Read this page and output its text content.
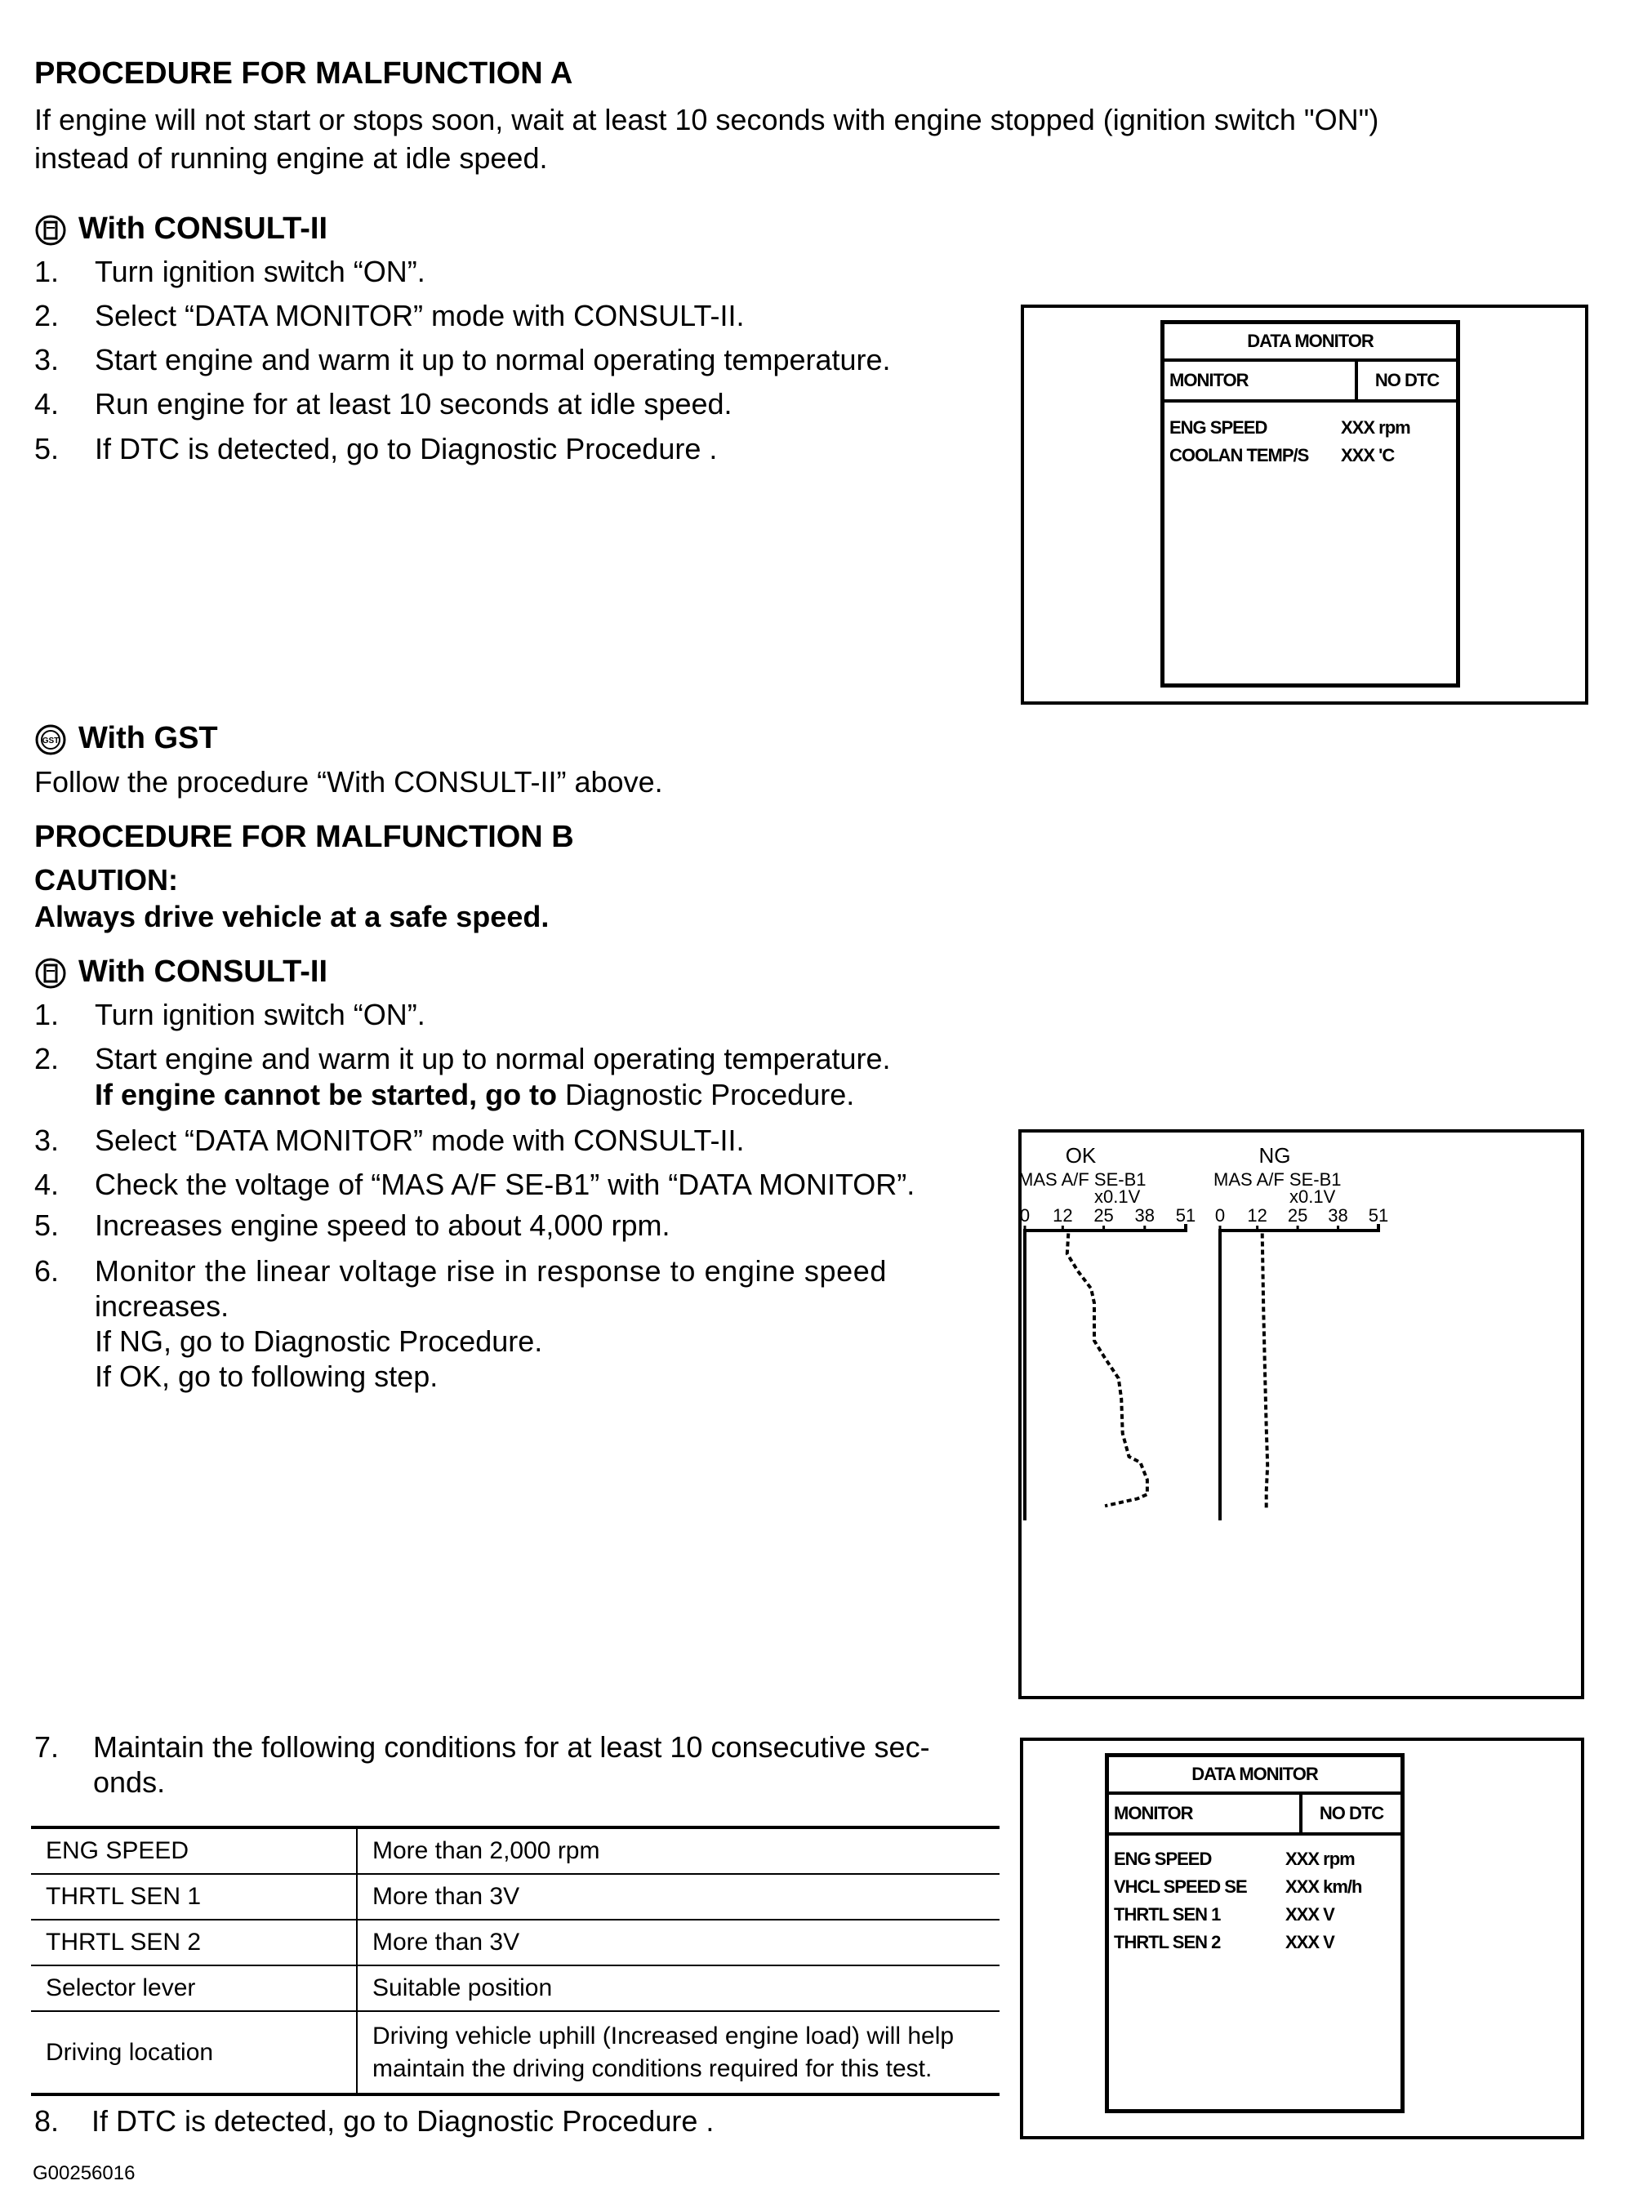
PROCEDURE FOR MALFUNCTION A
If engine will not start or stops soon, wait at least 10 seconds with engine stopped (ignition switch "ON")
instead of running engine at idle speed.
With CONSULT-II
1. Turn ignition switch “ON”.
2. Select “DATA MONITOR” mode with CONSULT-II.
3. Start engine and warm it up to normal operating temperature.
4. Run engine for at least 10 seconds at idle speed.
5. If DTC is detected, go to Diagnostic Procedure .
DATA MONITOR
MONITOR	NO DTC
ENG SPEED	XXX rpm
COOLAN TEMP/S	XXX 'C
GST With GST
Follow the procedure “With CONSULT-II” above.
PROCEDURE FOR MALFUNCTION B
CAUTION:
Always drive vehicle at a safe speed.
With CONSULT-II
1. Turn ignition switch “ON”.
2. Start engine and warm it up to normal operating temperature.
If engine cannot be started, go to Diagnostic Procedure.
3. Select “DATA MONITOR” mode with CONSULT-II.
4. Check the voltage of “MAS A/F SE-B1” with “DATA MONITOR”.
5. Increases engine speed to about 4,000 rpm.
6. Monitor the linear voltage rise in response to engine speed
increases.
If NG, go to Diagnostic Procedure.
If OK, go to following step.
OK
MAS A/F SE-B1
x0.1V
0 12 25 38 51
NG
MAS A/F SE-B1
x0.1V
0 12 25 38 51
7. Maintain the following conditions for at least 10 consecutive sec-
onds.
ENG SPEED	More than 2,000 rpm
THRTL SEN 1	More than 3V
THRTL SEN 2	More than 3V
Selector lever	Suitable position
Driving location	Driving vehicle uphill (Increased engine load) will help maintain the driving conditions required for this test.
8. If DTC is detected, go to Diagnostic Procedure .
DATA MONITOR
MONITOR	NO DTC
ENG SPEED	XXX rpm
VHCL SPEED SE	XXX km/h
THRTL SEN 1	XXX V
THRTL SEN 2	XXX V
G00256016
